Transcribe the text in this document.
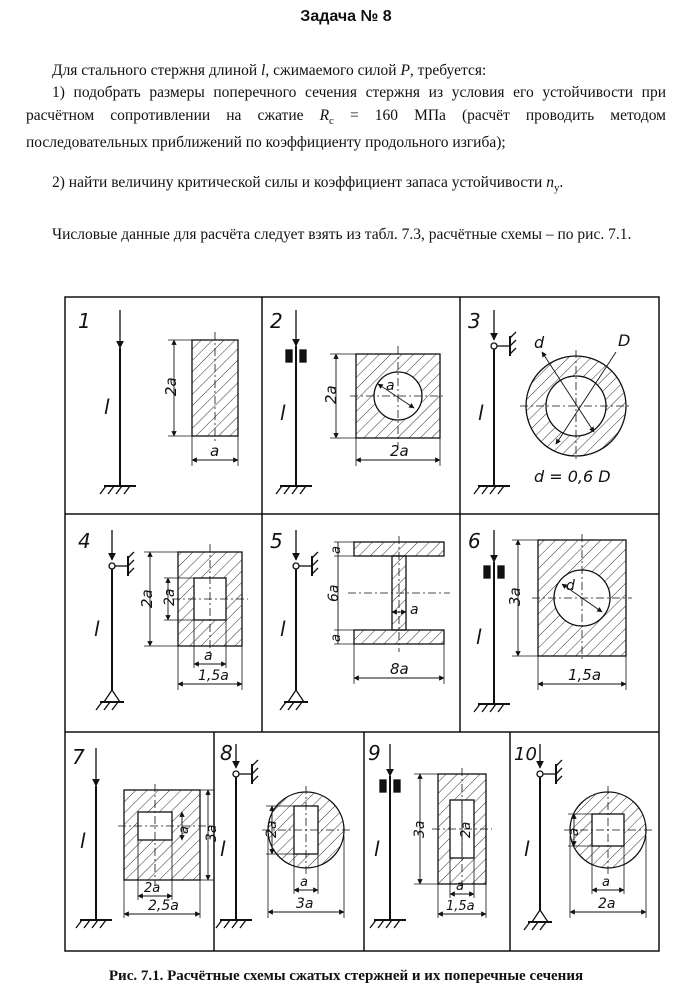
Задача № 8
Для стального стержня длиной l, сжимаемого силой P, требуется:
1) подобрать размеры поперечного сечения стержня из условия его устойчивости при расчётном сопротивлении на сжатие $R_c = 160$ МПа (расчёт проводить методом последовательных приближений по коэффициенту продольного изгиба);
2) найти величину критической силы и коэффициент запаса устойчивости $n_y$.
Числовые данные для расчёта следует взять из табл. 7.3, расчётные схемы – по рис. 7.1.
1
l
2a
a
2
l
a
2a
2a
3
l
d	D
d = 0,6 D
4
l
2a 2a
a
1,5a
5
l
a
6a
a
a
8a
6
l
d
3a
1,5a
7
l	a 3a
2a
2,5a
8
l
2a
a
3a
9
l
3a 2a
a
1,5a
10
l
a
a
2a
Рис. 7.1. Расчётные схемы сжатых стержней и их поперечные сечения
